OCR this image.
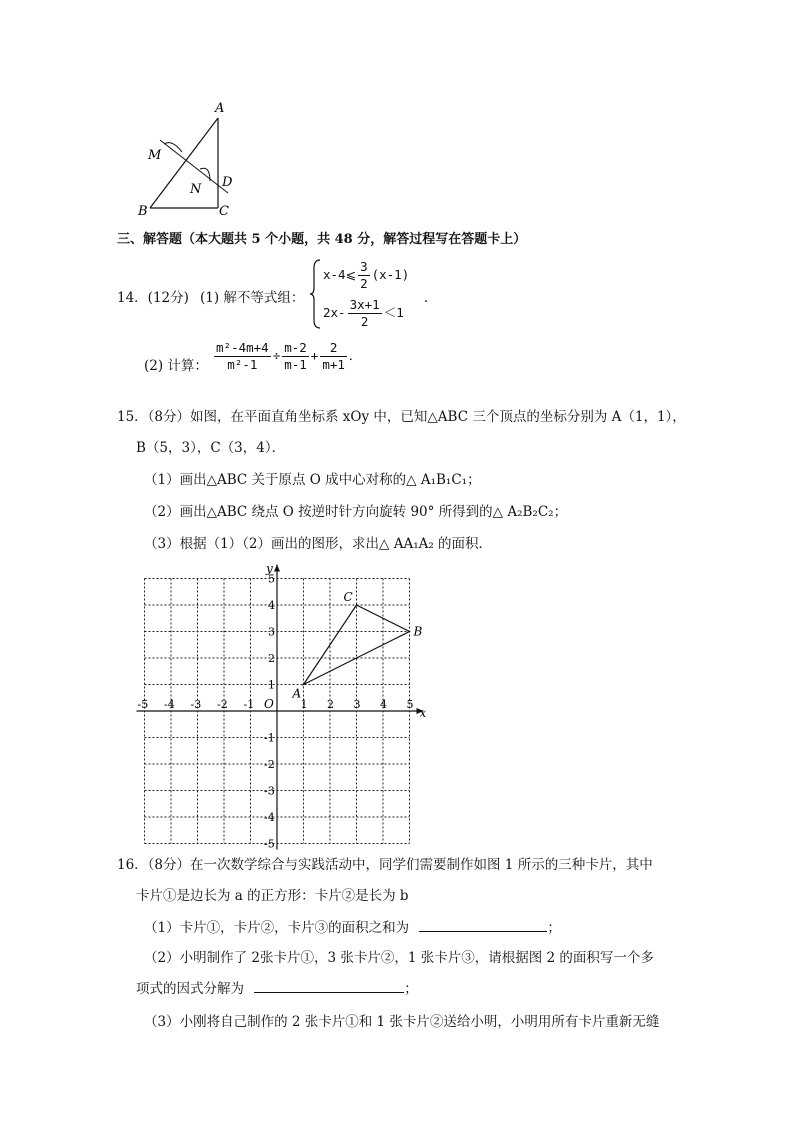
A
M
N D
B	C
三、解答题（本大题共 5 个小题，共 48 分，解答过程写在答题卡上）
14．(12分) (1) 解不等式组：
x-4⩽ $\frac{3}{2} (x-1)$
$2x- \frac{3x+1}{2} <1$
．
(2) 计算： $\frac{\text{m²-4m+4}}{\text{m²-1}} \div \frac{m-2}{m-1} + \frac{2}{m+1}$ ．
15．（8分）如图，在平面直角坐标系 xOy 中，已知△ABC 三个顶点的坐标分别为 A（1，1），
B（5，3），C（3，4）．
（1）画出△ABC 关于原点 O 成中心对称的△ A₁B₁C₁；
（2）画出△ABC 绕点 O 按逆时针方向旋转 90° 所得到的△ A₂B₂C₂；
（3）根据（1）（2）画出的图形，求出△ AA₁A₂ 的面积．
x
y
O
-5 -4 -3 -2 -1	1 2 3 4 5
5
4
3
2
1
-1
-2
-3
-4
-5
A
B
C
16．（8分）在一次数学综合与实践活动中，同学们需要制作如图 1 所示的三种卡片，其中
卡片①是边长为 a 的正方形：卡片②是长为 b
（1）卡片①，卡片②，卡片③的面积之和为	；
（2）小明制作了 2张卡片①，3 张卡片②，1 张卡片③，请根据图 2 的面积写一个多
项式的因式分解为	；
（3）小刚将自己制作的 2 张卡片①和 1 张卡片②送给小明，小明用所有卡片重新无缝
